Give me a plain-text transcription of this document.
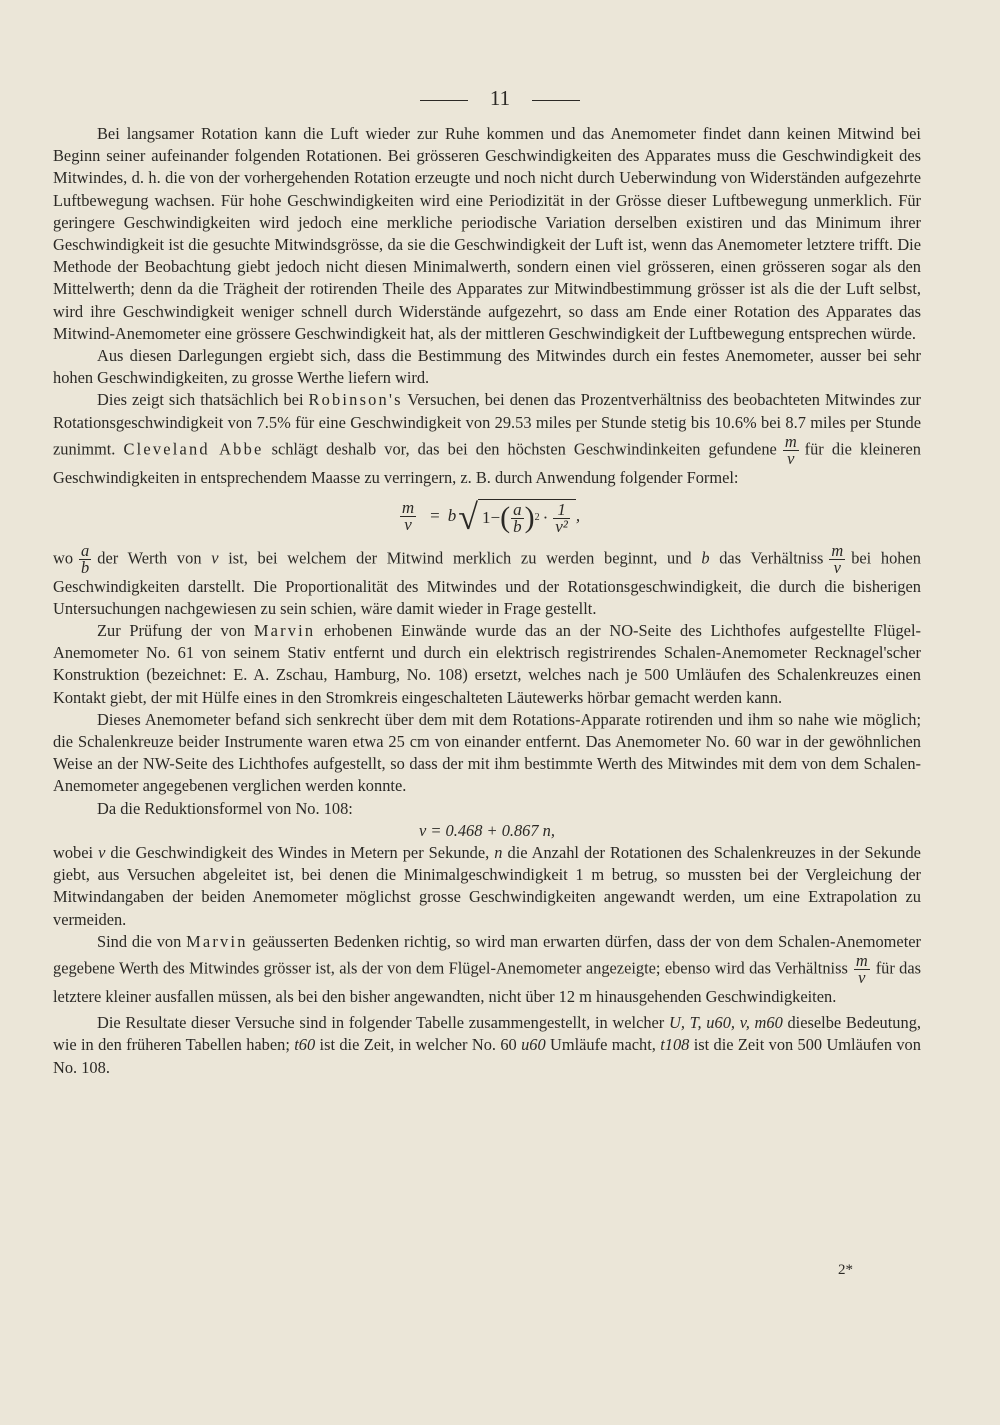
11

Bei langsamer Rotation kann die Luft wieder zur Ruhe kommen und das Anemometer findet dann keinen Mitwind bei Beginn seiner aufeinander folgenden Rotationen. Bei grösseren Geschwindigkeiten des Apparates muss die Geschwindigkeit des Mitwindes, d. h. die von der vorhergehenden Rotation erzeugte und noch nicht durch Ueberwindung von Widerständen aufgezehrte Luftbewegung wachsen. Für hohe Geschwindigkeiten wird eine Periodizität in der Grösse dieser Luftbewegung unmerklich. Für geringere Geschwindigkeiten wird jedoch eine merkliche periodische Variation derselben existiren und das Minimum ihrer Geschwindigkeit ist die gesuchte Mitwindsgrösse, da sie die Geschwindigkeit der Luft ist, wenn das Anemometer letztere trifft. Die Methode der Beobachtung giebt jedoch nicht diesen Minimalwerth, sondern einen viel grösseren, einen grösseren sogar als den Mittelwerth; denn da die Trägheit der rotirenden Theile des Apparates zur Mitwindbestimmung grösser ist als die der Luft selbst, wird ihre Geschwindigkeit weniger schnell durch Widerstände aufgezehrt, so dass am Ende einer Rotation des Apparates das Mitwind-Anemometer eine grössere Geschwindigkeit hat, als der mittleren Geschwindigkeit der Luftbewegung entsprechen würde.

Aus diesen Darlegungen ergiebt sich, dass die Bestimmung des Mitwindes durch ein festes Anemometer, ausser bei sehr hohen Geschwindigkeiten, zu grosse Werthe liefern wird.

Dies zeigt sich thatsächlich bei Robinson's Versuchen, bei denen das Prozentverhältniss des beobachteten Mitwindes zur Rotationsgeschwindigkeit von 7.5% für eine Geschwindigkeit von 29.53 miles per Stunde stetig bis 10.6% bei 8.7 miles per Stunde zunimmt. Cleveland Abbe schlägt deshalb vor, das bei den höchsten Geschwindinkeiten gefundene $\frac{m}{v}$ für die kleineren Geschwindigkeiten in entsprechendem Maasse zu verringern, z. B. durch Anwendung folgender Formel:

$\frac{m}{v} = b$ √ 1− ( $\frac{a}{b}$ ) $2 \cdot \frac{1}{\text{v²}}$ ,

wo $\frac{a}{b}$ der Werth von v ist, bei welchem der Mitwind merklich zu werden beginnt, und b das Verhältniss $\frac{m}{v}$ bei hohen Geschwindigkeiten darstellt. Die Proportionalität des Mitwindes und der Rotationsgeschwindigkeit, die durch die bisherigen Untersuchungen nachgewiesen zu sein schien, wäre damit wieder in Frage gestellt.

Zur Prüfung der von Marvin erhobenen Einwände wurde das an der NO-Seite des Lichthofes aufgestellte Flügel-Anemometer No. 61 von seinem Stativ entfernt und durch ein elektrisch registrirendes Schalen-Anemometer Recknagel'scher Konstruktion (bezeichnet: E. A. Zschau, Hamburg, No. 108) ersetzt, welches nach je 500 Umläufen des Schalenkreuzes einen Kontakt giebt, der mit Hülfe eines in den Stromkreis eingeschalteten Läutewerks hörbar gemacht werden kann.

Dieses Anemometer befand sich senkrecht über dem mit dem Rotations-Apparate rotirenden und ihm so nahe wie möglich; die Schalenkreuze beider Instrumente waren etwa 25 cm von einander entfernt. Das Anemometer No. 60 war in der gewöhnlichen Weise an der NW-Seite des Lichthofes aufgestellt, so dass der mit ihm bestimmte Werth des Mitwindes mit dem von dem Schalen-Anemometer angegebenen verglichen werden konnte.

Da die Reduktionsformel von No. 108:

v = 0.468 + 0.867 n,

wobei v die Geschwindigkeit des Windes in Metern per Sekunde, n die Anzahl der Rotationen des Schalenkreuzes in der Sekunde giebt, aus Versuchen abgeleitet ist, bei denen die Minimalgeschwindigkeit 1 m betrug, so mussten bei der Vergleichung der Mitwindangaben der beiden Anemometer möglichst grosse Geschwindigkeiten angewandt werden, um eine Extrapolation zu vermeiden.

Sind die von Marvin geäusserten Bedenken richtig, so wird man erwarten dürfen, dass der von dem Schalen-Anemometer gegebene Werth des Mitwindes grösser ist, als der von dem Flügel-Anemometer angezeigte; ebenso wird das Verhältniss $\frac{m}{v}$ für das letztere kleiner ausfallen müssen, als bei den bisher angewandten, nicht über 12 m hinausgehenden Geschwindigkeiten.

Die Resultate dieser Versuche sind in folgender Tabelle zusammengestellt, in welcher U, T, u60, v, m60 dieselbe Bedeutung, wie in den früheren Tabellen haben; t60 ist die Zeit, in welcher No. 60 u60 Umläufe macht, t108 ist die Zeit von 500 Umläufen von No. 108.

2*
